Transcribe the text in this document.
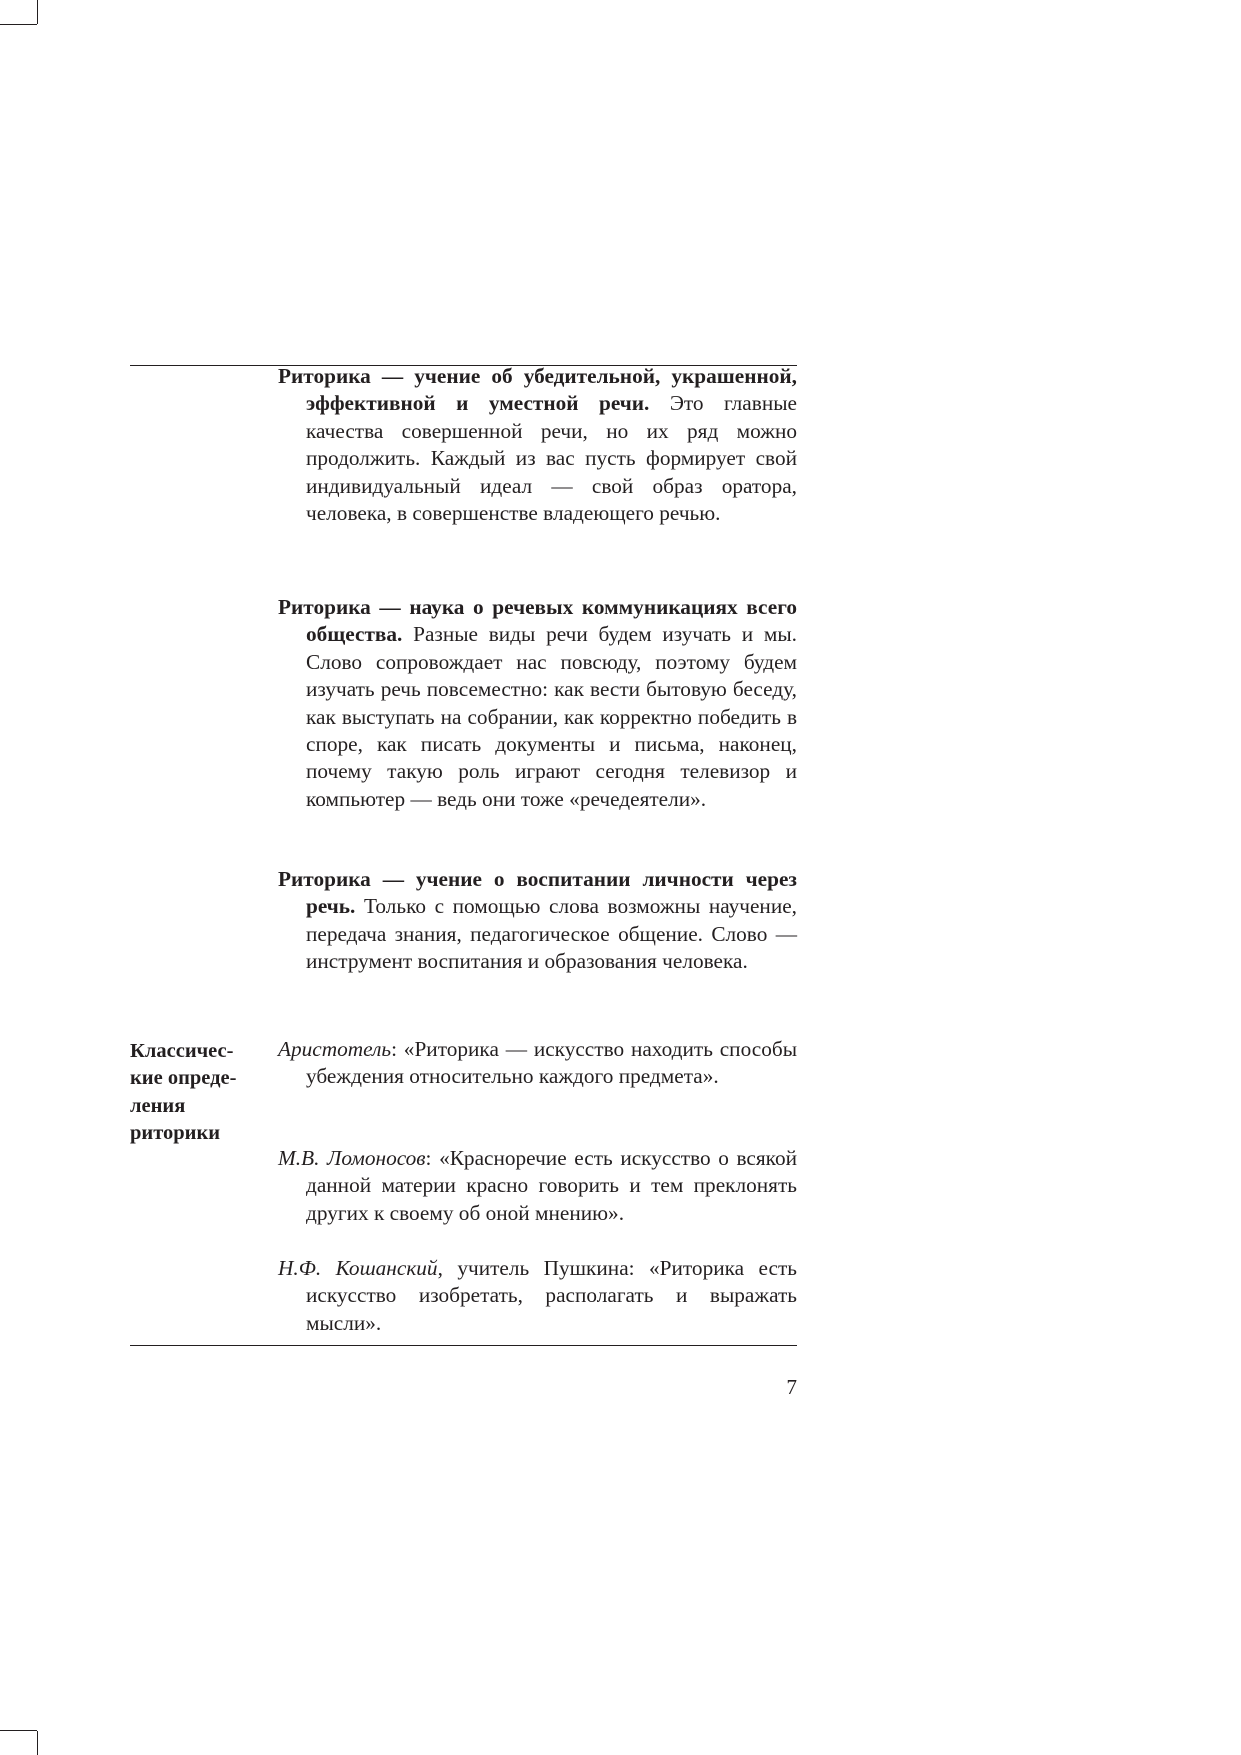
Риторика — учение об убедительной, украшенной, эффективной и уместной речи. Это главные качества совершенной речи, но их ряд можно продолжить. Каждый из вас пусть формирует свой индивидуальный идеал — свой образ оратора, человека, в совершенстве владеющего речью.

Риторика — наука о речевых коммуникациях всего общества. Разные виды речи будем изучать и мы. Слово сопровождает нас повсюду, поэтому будем изучать речь повсеместно: как вести бытовую беседу, как выступать на собрании, как корректно победить в споре, как писать документы и письма, наконец, почему такую роль играют сегодня телевизор и компьютер — ведь они тоже «речедеятели».

Риторика — учение о воспитании личности через речь. Только с помощью слова возможны научение, передача знания, педагогическое общение. Слово — инструмент воспитания и образования человека.

Аристотель: «Риторика — искусство находить способы убеждения относительно каждого предмета».

М.В. Ломоносов: «Красноречие есть искусство о всякой данной материи красно говорить и тем преклонять других к своему об оной мнению».

Н.Ф. Кошанский, учитель Пушкина: «Риторика есть искусство изобретать, располагать и выражать мысли».

Классичес-
кие опреде-
ления
риторики
7
